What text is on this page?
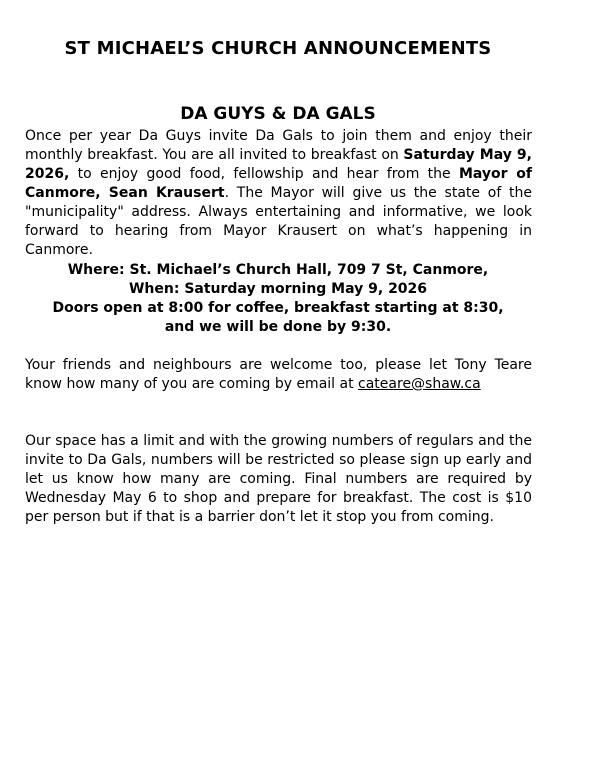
ST MICHAEL’S CHURCH ANNOUNCEMENTS
DA GUYS & DA GALS

Once per year Da Guys invite Da Gals to join them and enjoy their monthly breakfast. You are all invited to breakfast on Saturday May 9, 2026, to enjoy good food, fellowship and hear from the Mayor of Canmore, Sean Krausert. The Mayor will give us the state of the "municipality" address. Always entertaining and informative, we look forward to hearing from Mayor Krausert on what’s happening in Canmore.

Where: St. Michael’s Church Hall, 709 7 St, Canmore,
When: Saturday morning May 9, 2026
Doors open at 8:00 for coffee, breakfast starting at 8:30,
and we will be done by 9:30.

Your friends and neighbours are welcome too, please let Tony Teare know how many of you are coming by email at cateare@shaw.ca

Our space has a limit and with the growing numbers of regulars and the invite to Da Gals, numbers will be restricted so please sign up early and let us know how many are coming. Final numbers are required by Wednesday May 6 to shop and prepare for breakfast. The cost is $10 per person but if that is a barrier don’t let it stop you from coming.
